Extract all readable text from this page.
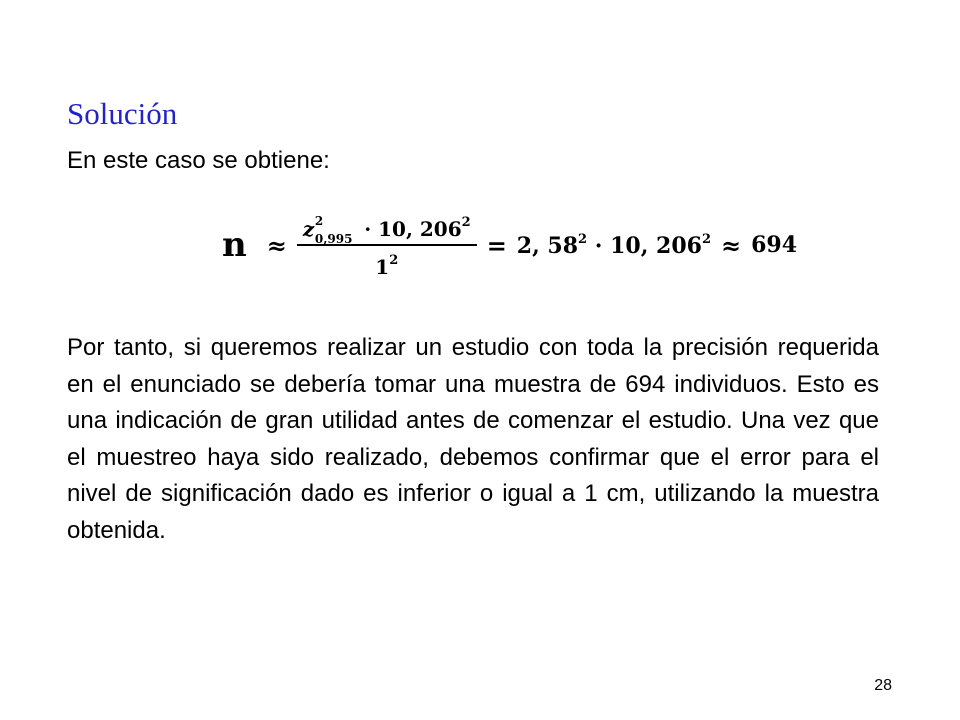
Solución
En este caso se obtiene:
n ≈ z 2
0,995 · 10, $206^2$
$1^2 = 2$, $58^2 \cdot 10$, $206^2 \approx 694$

Por tanto, si queremos realizar un estudio con toda la precisión requerida en el enunciado se debería tomar una muestra de 694 individuos. Esto es una indicación de gran utilidad antes de comenzar el estudio. Una vez que el muestreo haya sido realizado, debemos confirmar que el error para el nivel de significación dado es inferior o igual a 1 cm, utilizando la muestra obtenida.

28
